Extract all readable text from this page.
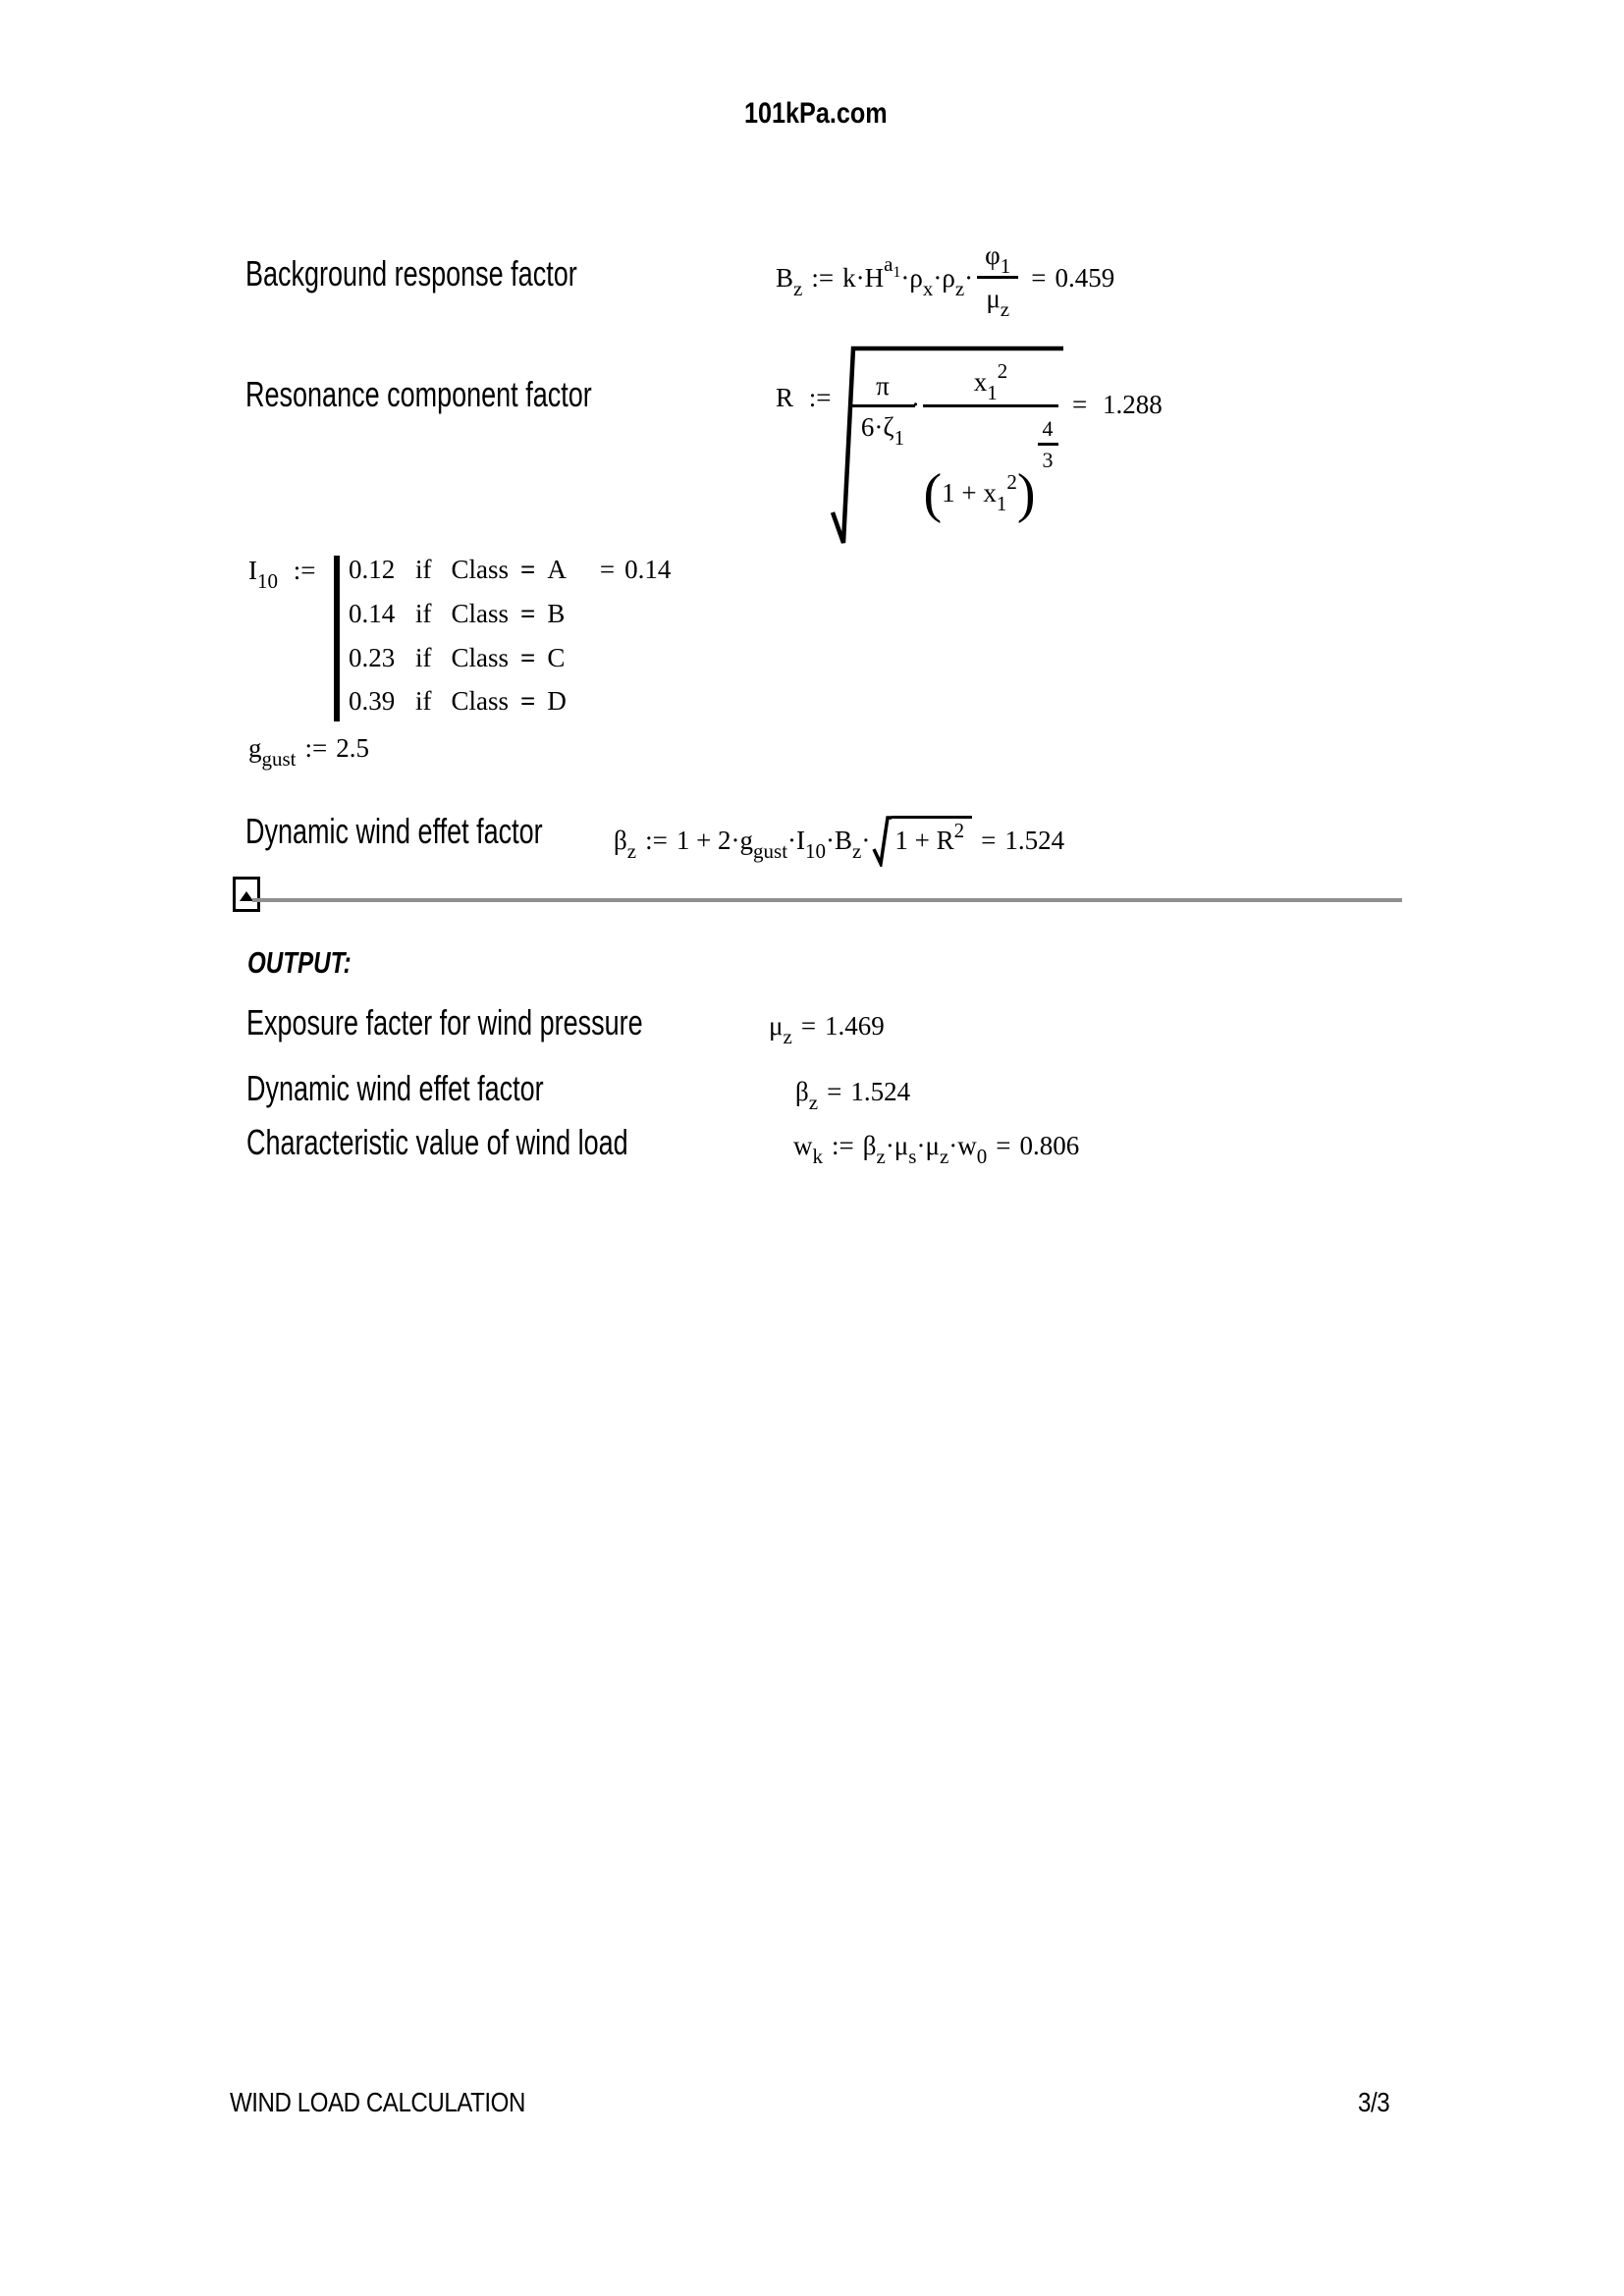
101kPa.com
Background response factor	$B_z$ := $k\cdot H^{a_1} \cdot\rho_x \cdot\rho_z \cdot \frac{\varphi_1}{\mu_z} = 0.459$
Resonance component factor	R := $\frac{\pi}{6\cdot\zeta_1}$
· $x_1^2$
( $1 + x_1^2$ )
4
3 = 1.288
$I_{10}$ :=	0.12 if Class = A = 0.14
0.14 if Class = B
0.23 if Class = C
0.39 if Class = D
$g_{gust}$ := 2.5
Dynamic wind effet factor	$\beta_z$ := $1 + 2\cdot g_{gust} \cdot I_{10} \cdot B_z \cdot 1 + R^2 = 1.524$
OUTPUT:
Exposure facter for wind pressure	$\mu_z = 1.469$
Dynamic wind effet factor	$\beta_z = 1.524$
Characteristic value of wind load	$w_k$ := $\beta_z\cdot\mu_s\cdot\mu_z\cdot w_0 = 0.806$
WIND LOAD CALCULATION	3/3
